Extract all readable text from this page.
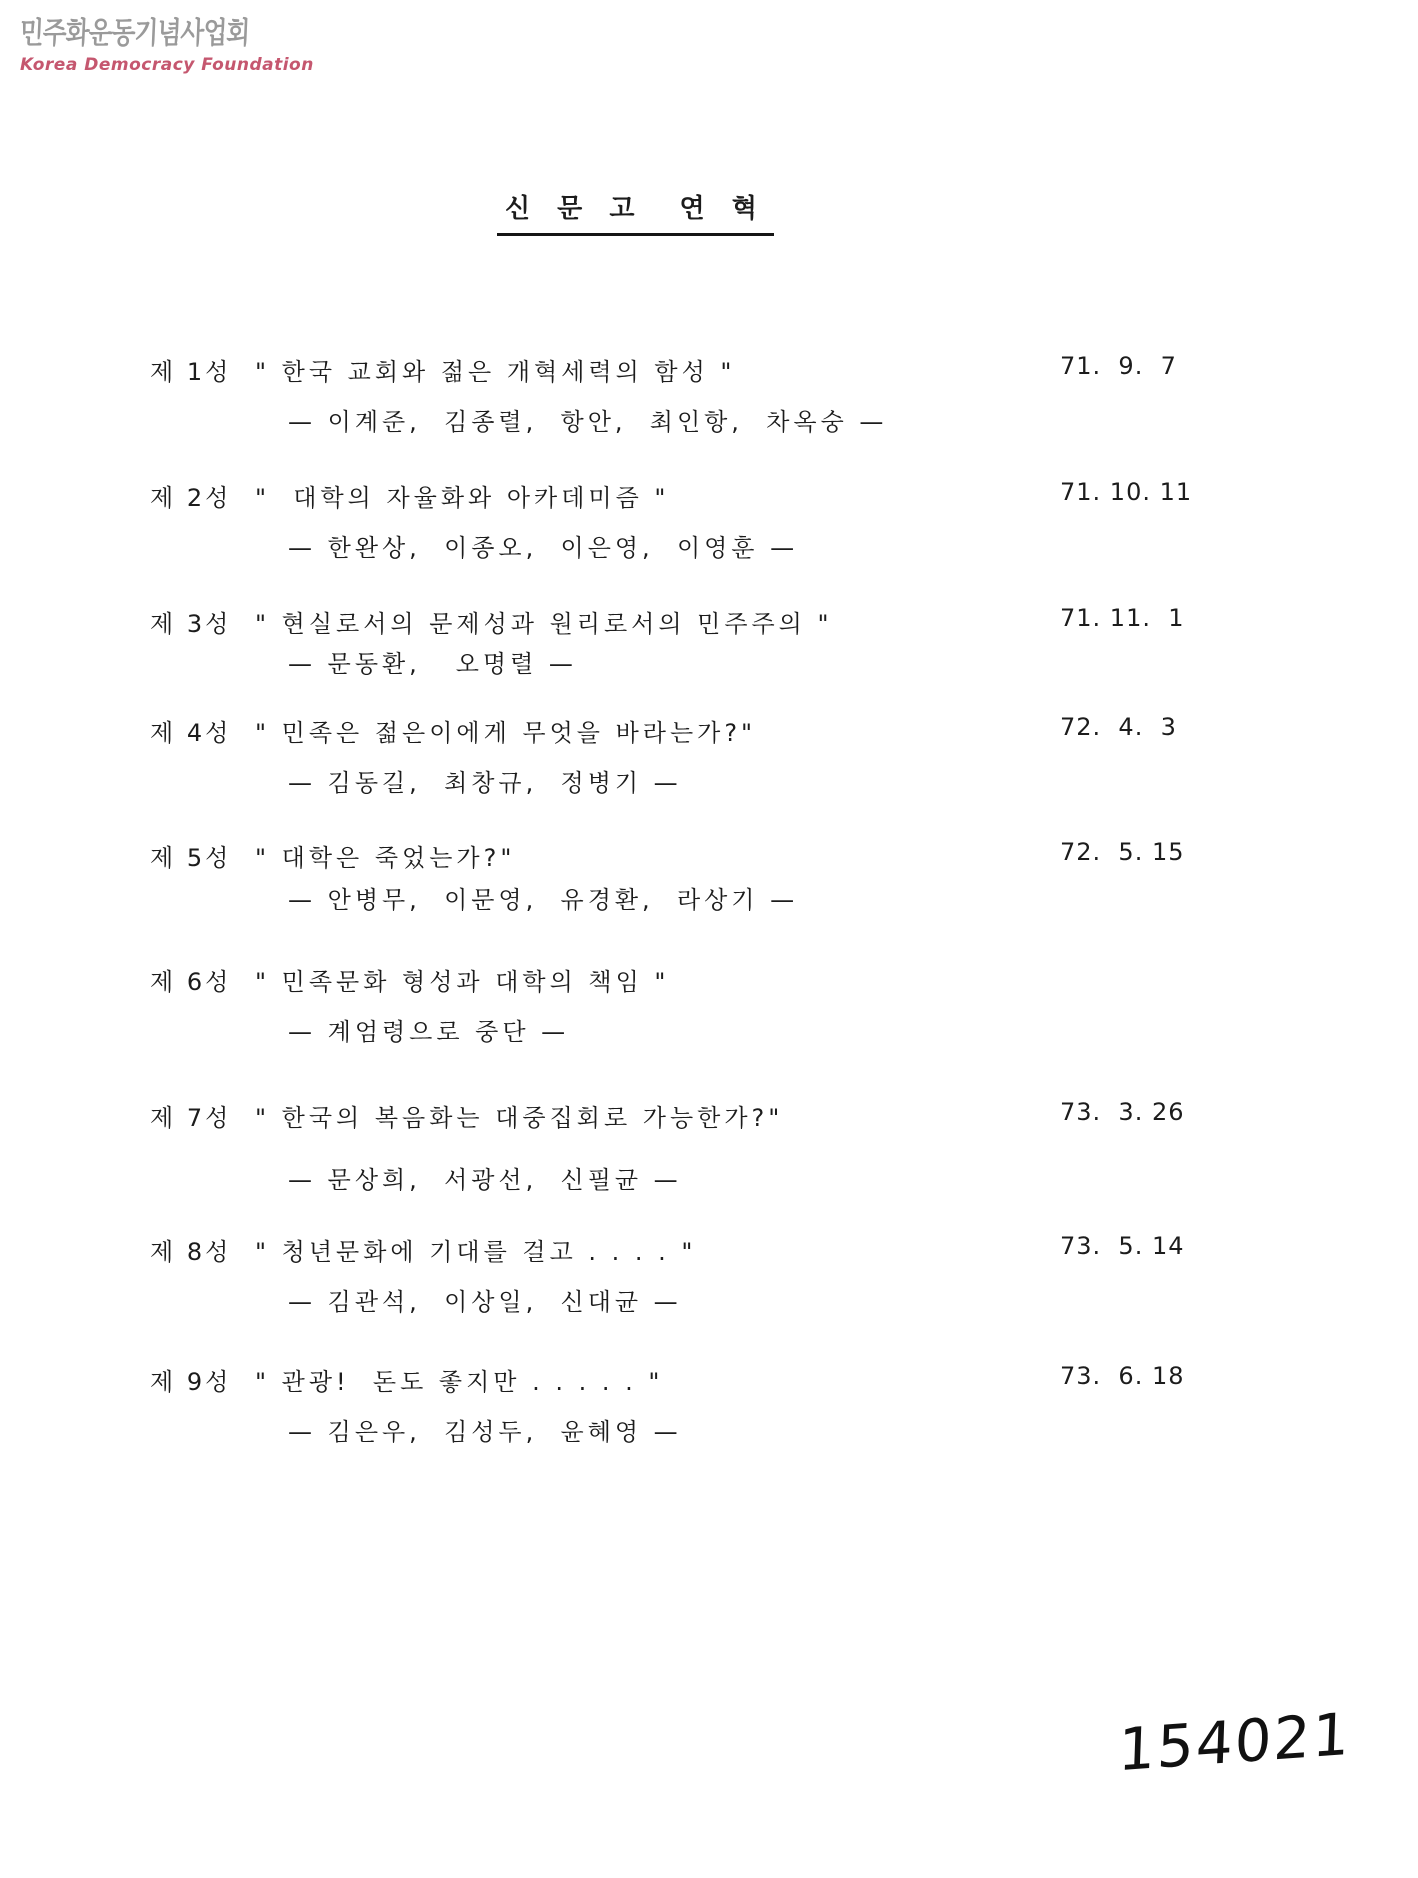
민주화운동기념사업회
Korea Democracy Foundation
신 문 고  연 혁
제 1성 " 한국 교회와 젊은 개혁세력의 함성 "	71.  9.  7
— 이계준,  김종렬,  항안,  최인항,  차옥숭 —
제 2성 "  대학의 자율화와 아카데미즘 "	71. 10. 11
— 한완상,  이종오,  이은영,  이영훈 —
제 3성 " 현실로서의 문제성과 원리로서의 민주주의 "	71. 11.  1
— 문동환,   오명렬 —
제 4성 " 민족은 젊은이에게 무엇을 바라는가?"	72.  4.  3
— 김동길,  최창규,  정병기 —
제 5성 " 대학은 죽었는가?"	72.  5. 15
— 안병무,  이문영,  유경환,  라상기 —
제 6성 " 민족문화 형성과 대학의 책임 "
— 계엄령으로 중단 —
제 7성 " 한국의 복음화는 대중집회로 가능한가?"	73.  3. 26
— 문상희,  서광선,  신필균 —
제 8성 " 청년문화에 기대를 걸고 . . . . "	73.  5. 14
— 김관석,  이상일,  신대균 —
제 9성 " 관광!  돈도 좋지만 . . . . . "	73.  6. 18
— 김은우,  김성두,  윤혜영 —
154021
